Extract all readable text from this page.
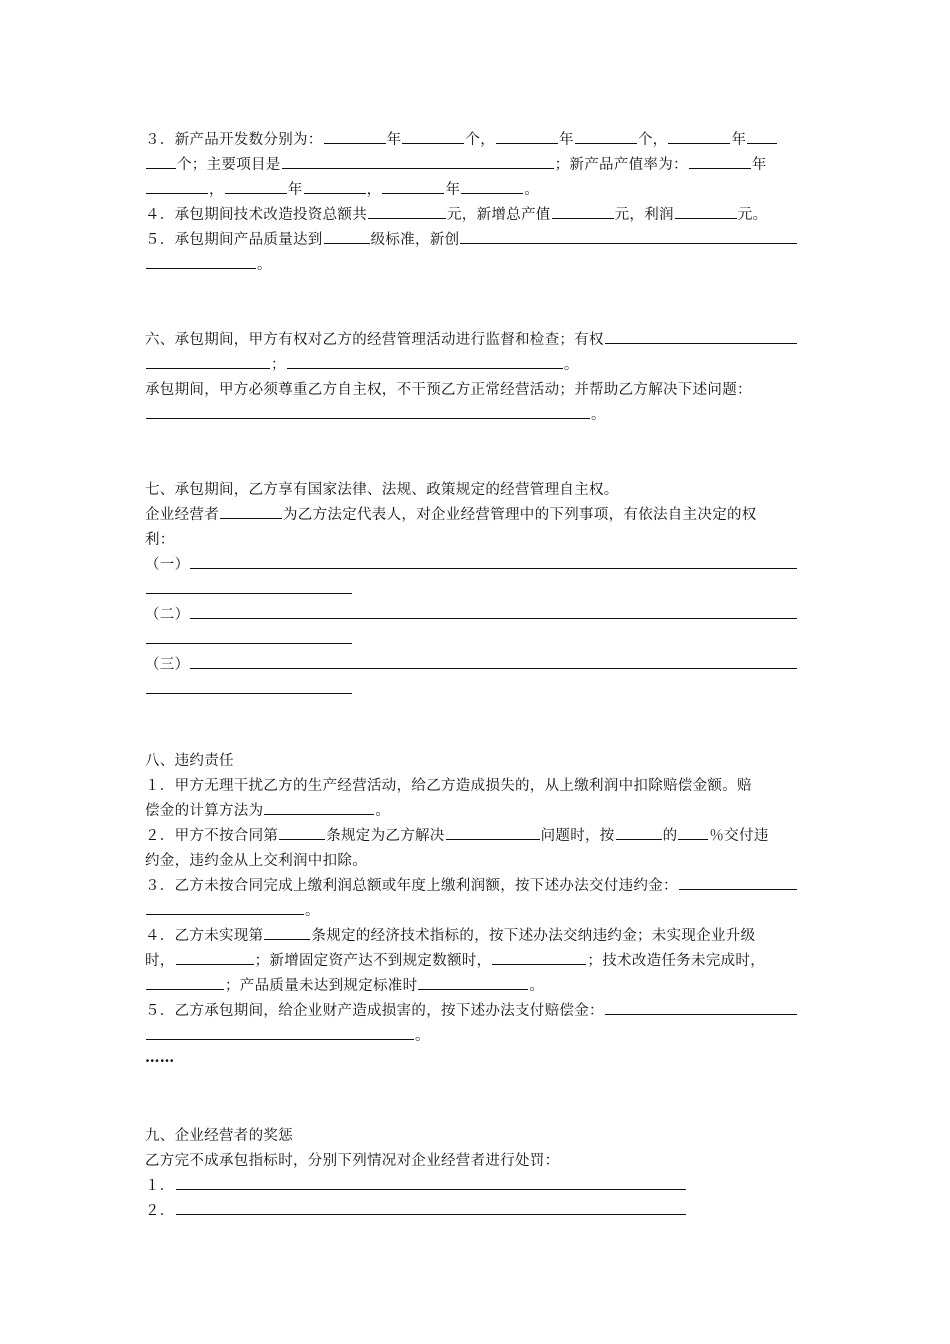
３．新产品开发数分别为：	年	个，	年	个，	年
个；主要项目是	；新产品产值率为：	年
，	年	，	年	。
４．承包期间技术改造投资总额共	元，新增总产值	元，利润	元。
５．承包期间产品质量达到	级标准，新创
。
六、承包期间，甲方有权对乙方的经营管理活动进行监督和检查；有权
；	。
承包期间，甲方必须尊重乙方自主权，不干预乙方正常经营活动；并帮助乙方解决下述问题：
。
七、承包期间，乙方享有国家法律、法规、政策规定的经营管理自主权。
企业经营者	为乙方法定代表人，对企业经营管理中的下列事项，有依法自主决定的权
利：
（一）
（二）
（三）
八、违约责任
１．甲方无理干扰乙方的生产经营活动，给乙方造成损失的，从上缴利润中扣除赔偿金额。赔
偿金的计算方法为	。
２．甲方不按合同第	条规定为乙方解决	问题时，按	的 ％交付违
约金，违约金从上交利润中扣除。
３．乙方未按合同完成上缴利润总额或年度上缴利润额，按下述办法交付违约金：
。
４．乙方未实现第	条规定的经济技术指标的，按下述办法交纳违约金；未实现企业升级
时，	；新增固定资产达不到规定数额时，	；技术改造任务未完成时，
；产品质量未达到规定标准时	。
５．乙方承包期间，给企业财产造成损害的，按下述办法支付赔偿金：
。
……
九、企业经营者的奖惩
乙方完不成承包指标时，分别下列情况对企业经营者进行处罚：
１．
２．
